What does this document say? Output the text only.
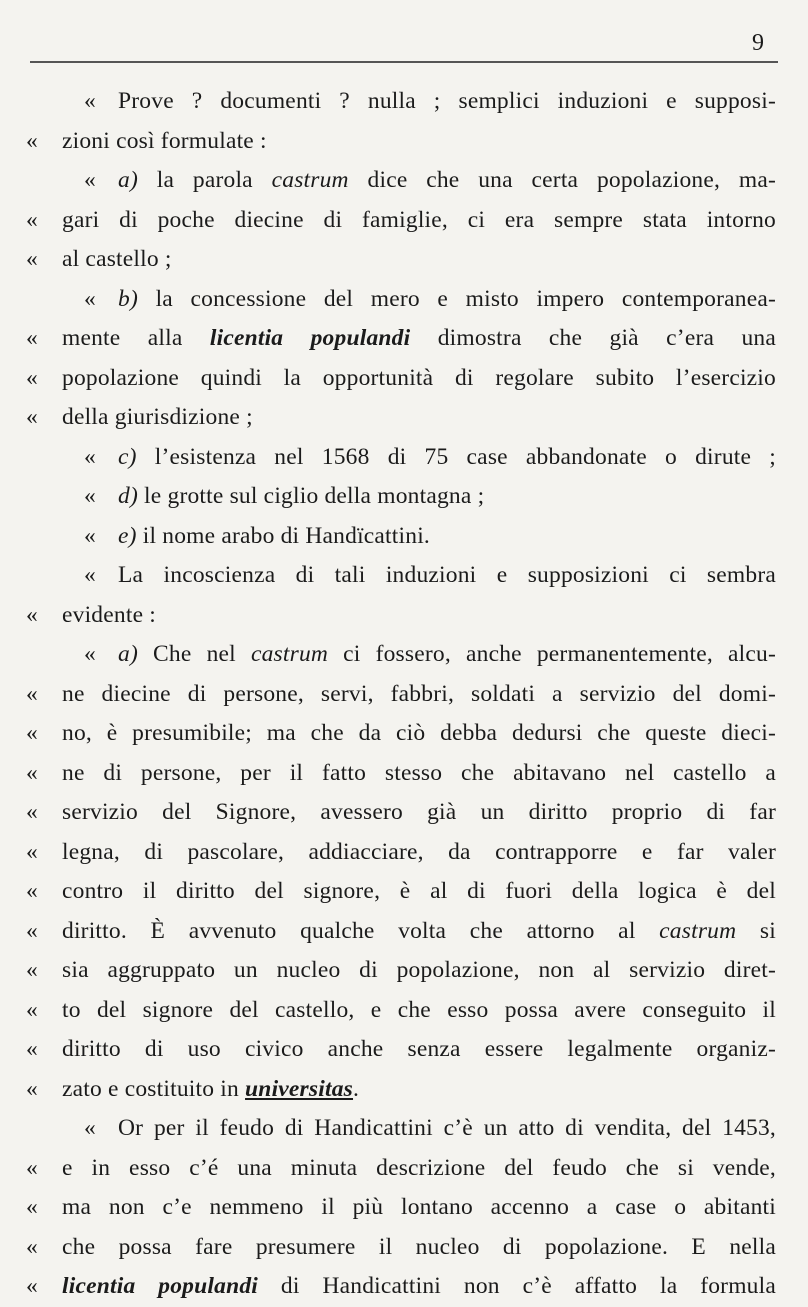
9
« Prove ? documenti ? nulla ; semplici induzioni e supposi-
« zioni così formulate :
« a) la parola castrum dice che una certa popolazione, ma-
« gari di poche diecine di famiglie, ci era sempre stata intorno
« al castello ;
« b) la concessione del mero e misto impero contemporanea-
« mente alla licentia populandi dimostra che già c’era una
« popolazione quindi la opportunità di regolare subito l’esercizio
« della giurisdizione ;
« c) l’esistenza nel 1568 di 75 case abbandonate o dirute ;
« d) le grotte sul ciglio della montagna ;
« e) il nome arabo di Handïcattini.
« La incoscienza di tali induzioni e supposizioni ci sembra
« evidente :
« a) Che nel castrum ci fossero, anche permanentemente, alcu-
« ne diecine di persone, servi, fabbri, soldati a servizio del domi-
« no, è presumibile; ma che da ciò debba dedursi che queste dieci-
« ne di persone, per il fatto stesso che abitavano nel castello a
« servizio del Signore, avessero già un diritto proprio di far
« legna, di pascolare, addiacciare, da contrapporre e far valer
« contro il diritto del signore, è al di fuori della logica è del
« diritto. È avvenuto qualche volta che attorno al castrum si
« sia aggruppato un nucleo di popolazione, non al servizio diret-
« to del signore del castello, e che esso possa avere conseguito il
« diritto di uso civico anche senza essere legalmente organiz-
« zato e costituito in universitas.
« Or per il feudo di Handicattini c’è un atto di vendita, del 1453,
« e in esso c’é una minuta descrizione del feudo che si vende,
« ma non c’e nemmeno il più lontano accenno a case o abitanti
« che possa fare presumere il nucleo di popolazione. E nella
« licentia populandi di Handicattini non c’è affatto la formula
